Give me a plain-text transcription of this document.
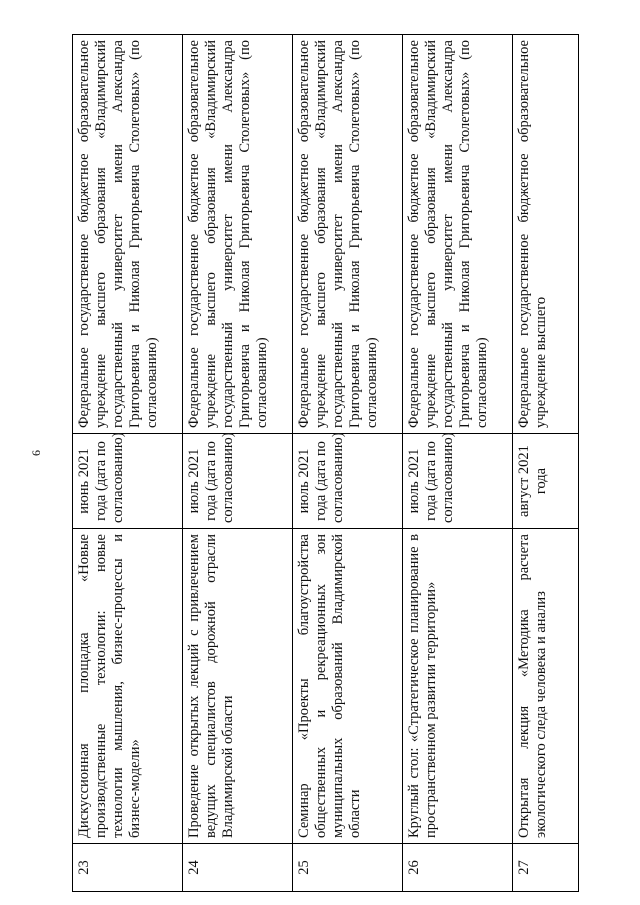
6
23	Дискуссионная площадка «Новые производственные технологии: новые технологии мышления, бизнес-процессы и бизнес-модели»	июнь 2021 года (дата по согласованию)	Федеральное государственное бюджетное образовательное учреждение высшего образования «Владимирский государственный университет имени Александра Григорьевича и Николая Григорьевича Столетовых» (по согласованию)
24	Проведение открытых лекций с привлечением ведущих специалистов дорожной отрасли Владимирской области	июль 2021 года (дата по согласованию)	Федеральное государственное бюджетное образовательное учреждение высшего образования «Владимирский государственный университет имени Александра Григорьевича и Николая Григорьевича Столетовых» (по согласованию)
25	Семинар «Проекты благоустройства общественных и рекреационных зон муниципальных образований Владимирской области	июль 2021 года (дата по согласованию)	Федеральное государственное бюджетное образовательное учреждение высшего образования «Владимирский государственный университет имени Александра Григорьевича и Николая Григорьевича Столетовых» (по согласованию)
26	Круглый стол: «Стратегическое планирование в пространственном развитии территории»	июль 2021 года (дата по согласованию)	Федеральное государственное бюджетное образовательное учреждение высшего образования «Владимирский государственный университет имени Александра Григорьевича и Николая Григорьевича Столетовых» (по согласованию)
27	Открытая лекция «Методика расчета экологического следа человека и анализ	август 2021 года	Федеральное государственное бюджетное образовательное учреждение высшего
